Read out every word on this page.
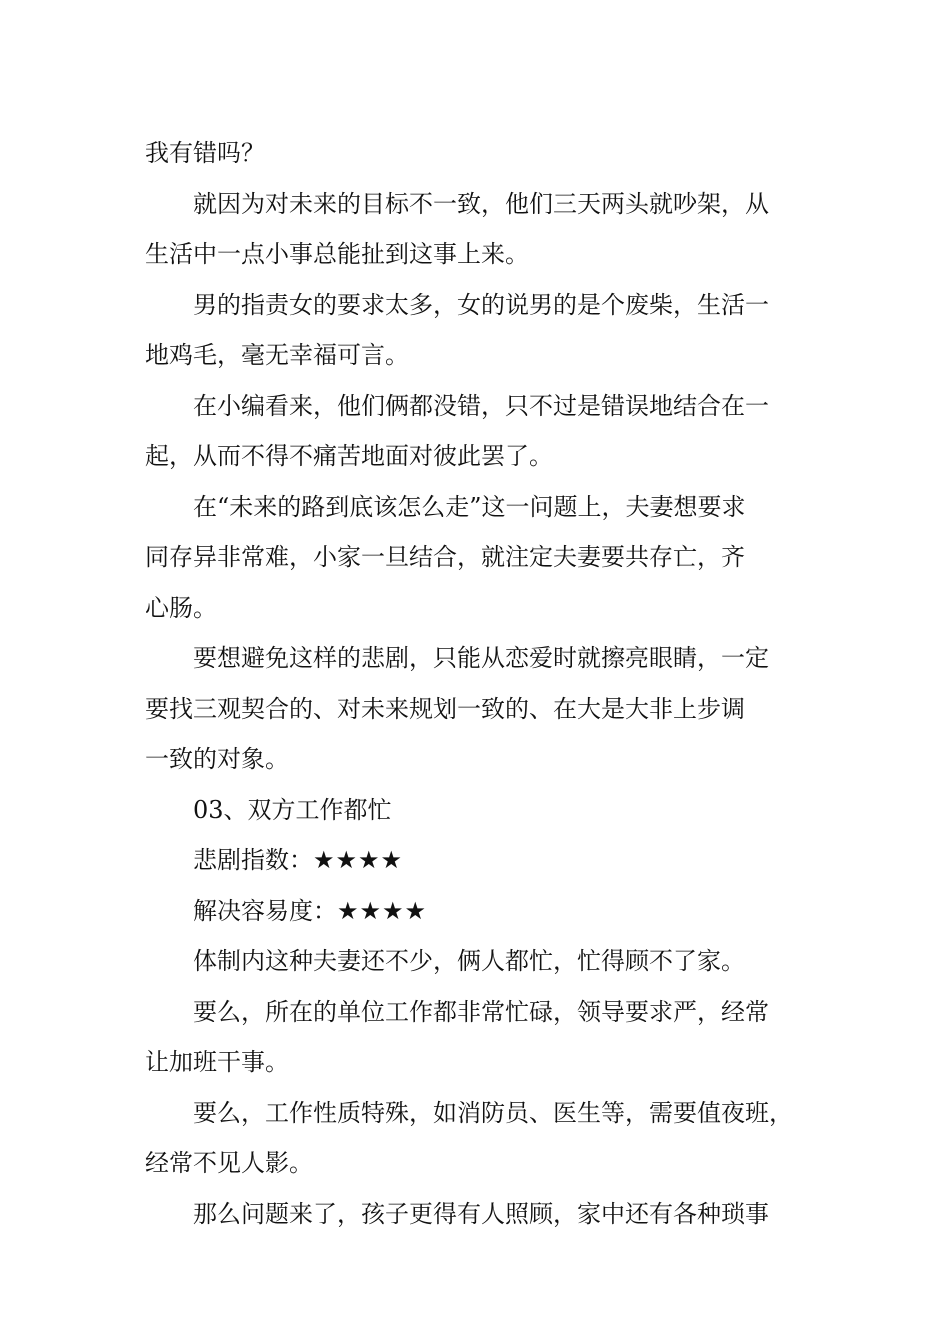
我有错吗？

就因为对未来的目标不一致，他们三天两头就吵架，从
生活中一点小事总能扯到这事上来。

男的指责女的要求太多，女的说男的是个废柴，生活一
地鸡毛，毫无幸福可言。

在小编看来，他们俩都没错，只不过是错误地结合在一
起，从而不得不痛苦地面对彼此罢了。

在“未来的路到底该怎么走”这一问题上，夫妻想要求
同存异非常难，小家一旦结合，就注定夫妻要共存亡，齐
心肠。

要想避免这样的悲剧，只能从恋爱时就擦亮眼睛，一定
要找三观契合的、对未来规划一致的、在大是大非上步调
一致的对象。

03、双方工作都忙

悲剧指数：★★★★

解决容易度：★★★★

体制内这种夫妻还不少，俩人都忙，忙得顾不了家。

要么，所在的单位工作都非常忙碌，领导要求严，经常
让加班干事。

要么，工作性质特殊，如消防员、医生等，需要值夜班，
经常不见人影。

那么问题来了，孩子更得有人照顾，家中还有各种琐事
